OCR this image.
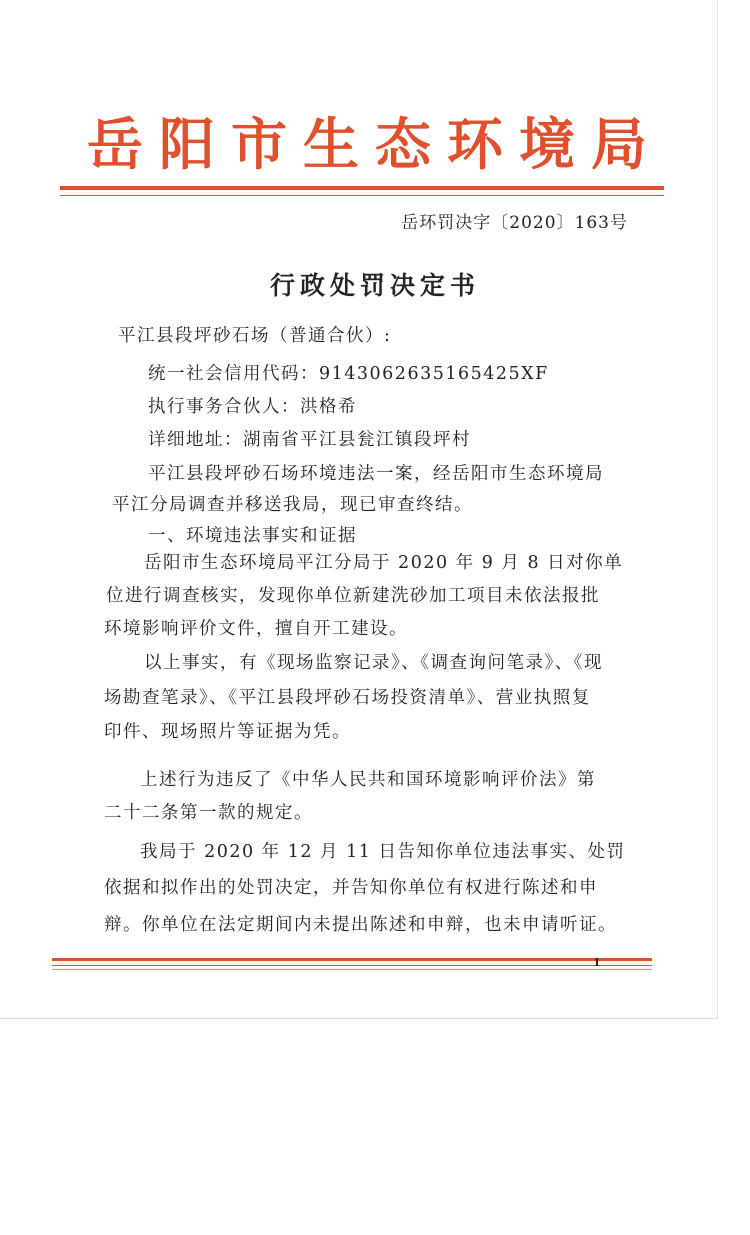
岳阳市生态环境局
岳环罚决字〔2020〕163号
行政处罚决定书
平江县段坪砂石场（普通合伙）:
统一社会信用代码：9143062635165425XF
执行事务合伙人：洪格希
详细地址：湖南省平江县瓮江镇段坪村
平江县段坪砂石场环境违法一案，经岳阳市生态环境局
平江分局调查并移送我局，现已审查终结。
一、环境违法事实和证据
岳阳市生态环境局平江分局于 2020 年 9 月 8 日对你单
位进行调查核实，发现你单位新建洗砂加工项目未依法报批
环境影响评价文件，擅自开工建设。
以上事实，有《现场监察记录》、《调查询问笔录》、《现
场勘查笔录》、《平江县段坪砂石场投资清单》、营业执照复
印件、现场照片等证据为凭。
上述行为违反了《中华人民共和国环境影响评价法》第
二十二条第一款的规定。
我局于 2020 年 12 月 11 日告知你单位违法事实、处罚
依据和拟作出的处罚决定，并告知你单位有权进行陈述和申
辩。你单位在法定期间内未提出陈述和申辩，也未申请听证。
1
